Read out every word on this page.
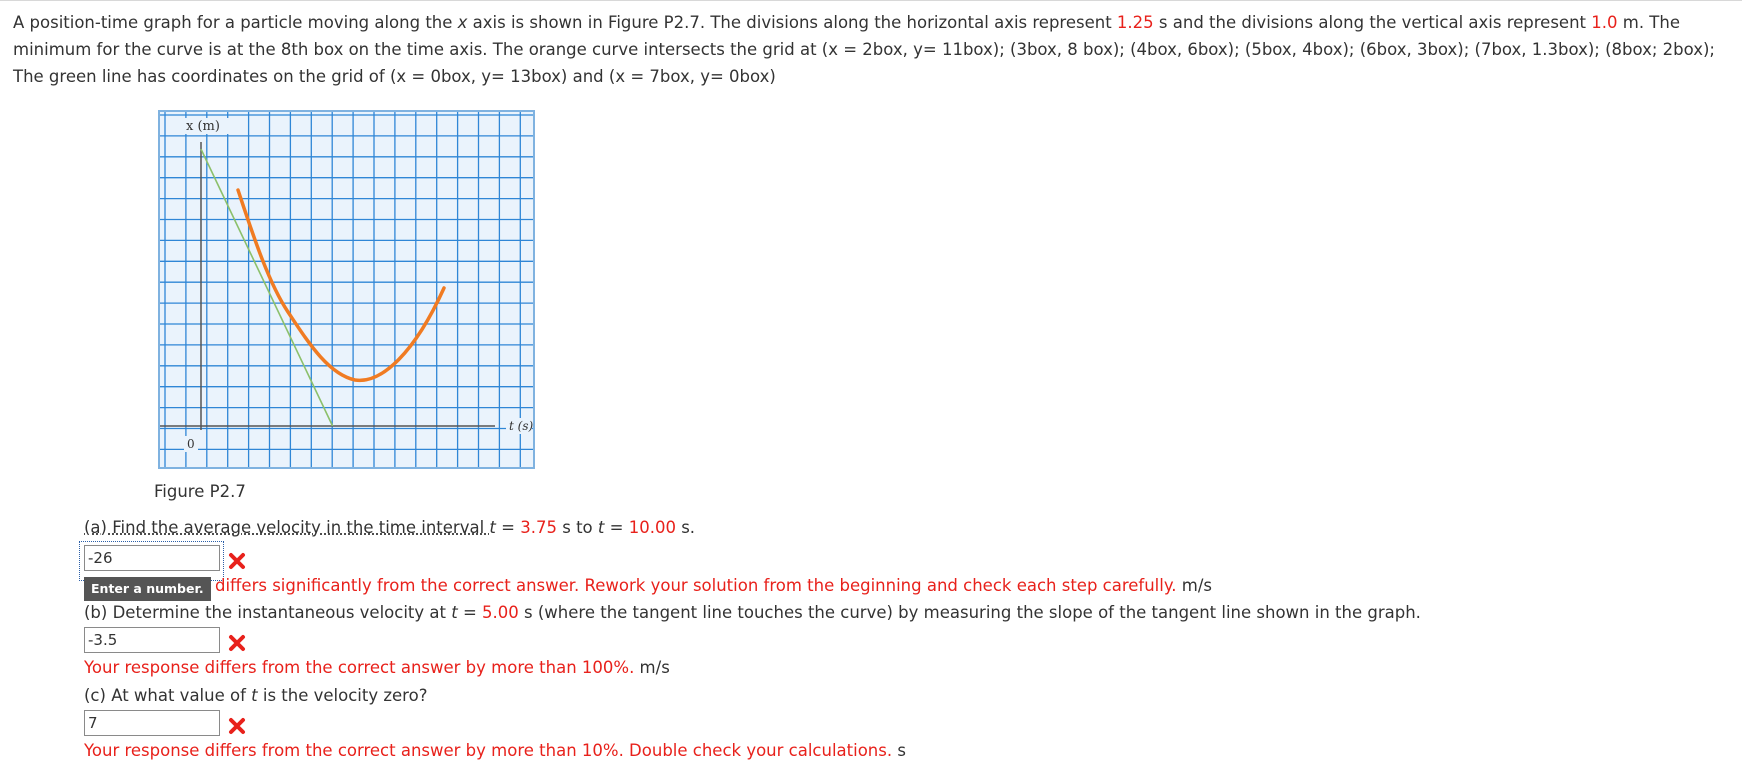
A position-time graph for a particle moving along the x axis is shown in Figure P2.7. The divisions along the horizontal axis represent 1.25 s and the divisions along the vertical axis represent 1.0 m. The minimum for the curve is at the 8th box on the time axis. The orange curve intersects the grid at (x = 2box, y= 11box); (3box, 8 box); (4box, 6box); (5box, 4box); (6box, 3box); (7box, 1.3box); (8box; 2box); The green line has coordinates on the grid of (x = 0box, y= 13box) and (x = 7box, y= 0box)

x (m)
t (s)
0
Figure P2.7
(a) Find the average velocity in the time interval t = 3.75 s to t = 10.00 s.
-26
Enter a number. differs significantly from the correct answer. Rework your solution from the beginning and check each step carefully. m/s
(b) Determine the instantaneous velocity at t = 5.00 s (where the tangent line touches the curve) by measuring the slope of the tangent line shown in the graph.
-3.5
Your response differs from the correct answer by more than 100%. m/s
(c) At what value of t is the velocity zero?
7
Your response differs from the correct answer by more than 10%. Double check your calculations. s
